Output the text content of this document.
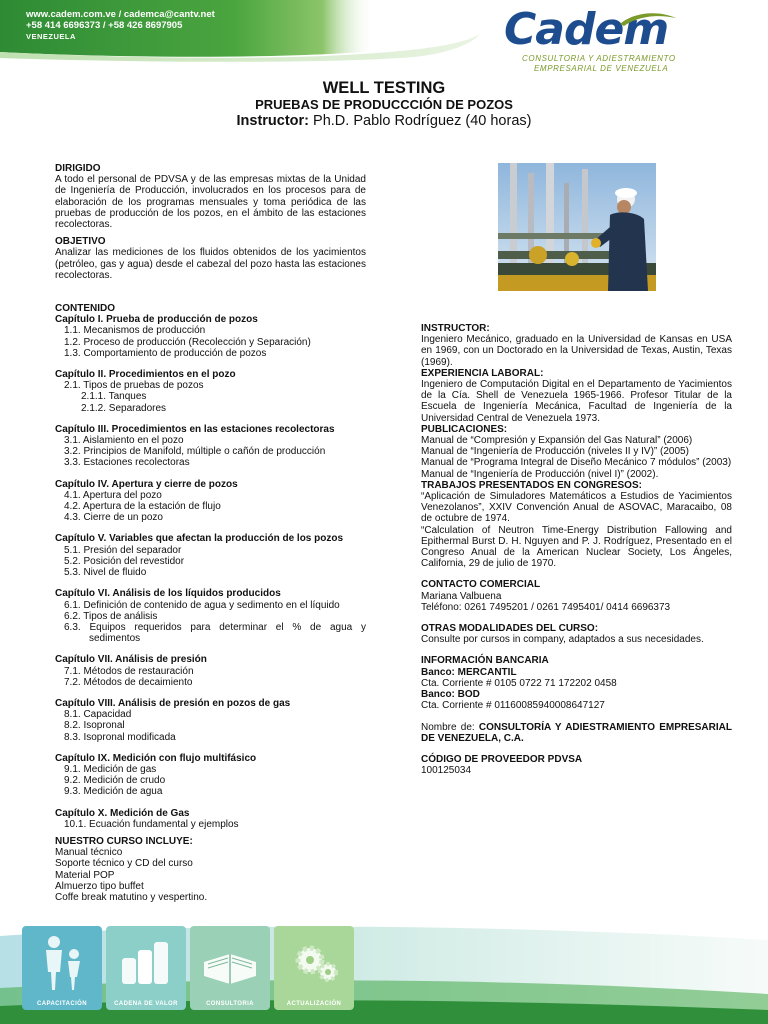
www.cadem.com.ve / cademca@cantv.net
+58 414 6696373 / +58 426 8697905
VENEZUELA	Cadem
CONSULTORIA Y ADIESTRAMIENTO
EMPRESARIAL DE VENEZUELA
WELL TESTING
PRUEBAS DE PRODUCCCIÓN DE POZOS
Instructor: Ph.D. Pablo Rodríguez (40 horas)
DIRIGIDO
A todo el personal de PDVSA y de las empresas mixtas de la Unidad de Ingeniería de Producción, involucrados en los procesos para de elaboración de los programas mensuales y toma periódica de las pruebas de producción de los pozos, en el ámbito de las estaciones recolectoras.
OBJETIVO
Analizar las mediciones de los fluidos obtenidos de los yacimientos (petróleo, gas y agua) desde el cabezal del pozo hasta las estaciones recolectoras.
CONTENIDO
Capítulo I. Prueba de producción de pozos
1.1. Mecanismos de producción
1.2. Proceso de producción (Recolección y Separación)
1.3. Comportamiento de producción de pozos
Capítulo II. Procedimientos en el pozo
2.1. Tipos de pruebas de pozos
2.1.1. Tanques
2.1.2. Separadores
Capítulo III. Procedimientos en las estaciones recolectoras
3.1. Aislamiento en el pozo
3.2. Principios de Manifold, múltiple o cañón de producción
3.3. Estaciones recolectoras
Capítulo IV. Apertura y cierre de pozos
4.1. Apertura del pozo
4.2. Apertura de la estación de flujo
4.3. Cierre de un pozo
Capítulo V. Variables que afectan la producción de los pozos
5.1. Presión del separador
5.2. Posición del revestidor
5.3. Nivel de fluido
Capítulo VI. Análisis de los líquidos producidos
6.1. Definición de contenido de agua y sedimento en el líquido
6.2. Tipos de análisis
6.3. Equipos requeridos para determinar el % de agua y
sedimentos
Capítulo VII. Análisis de presión
7.1. Métodos de restauración
7.2. Métodos de decaimiento
Capítulo VIII. Análisis de presión en pozos de gas
8.1. Capacidad
8.2. Isopronal
8.3. Isopronal modificada
Capítulo IX. Medición con flujo multifásico
9.1. Medición de gas
9.2. Medición de crudo
9.3. Medición de agua
Capítulo X. Medición de Gas
10.1. Ecuación fundamental y ejemplos
NUESTRO CURSO INCLUYE:
Manual técnico
Soporte técnico y CD del curso
Material POP
Almuerzo tipo buffet
Coffe break matutino y vespertino.
INSTRUCTOR:
Ingeniero Mecánico, graduado en la Universidad de Kansas en USA en 1969, con un Doctorado en la Universidad de Texas, Austin, Texas (1969).
EXPERIENCIA LABORAL:
Ingeniero de Computación Digital en el Departamento de Yacimientos de la Cía. Shell de Venezuela 1965-1966. Profesor Titular de la Escuela de Ingeniería Mecánica, Facultad de Ingeniería de la Universidad Central de Venezuela 1973.
PUBLICACIONES:
Manual de “Compresión y Expansión del Gas Natural” (2006)
Manual de “Ingeniería de Producción (niveles II y IV)” (2005)
Manual de “Programa Integral de Diseño Mecánico 7 módulos” (2003)
Manual de “Ingeniería de Producción (nivel I)” (2002).
TRABAJOS PRESENTADOS EN CONGRESOS:
“Aplicación de Simuladores Matemáticos a Estudios de Yacimientos Venezolanos”, XXIV Convención Anual de ASOVAC, Maracaibo, 08 de octubre de 1974.
“Calculation of Neutron Time-Energy Distribution Fallowing and Epithermal Burst D. H. Nguyen and P. J. Rodríguez, Presentado en el Congreso Anual de la American Nuclear Society, Los Ángeles, California, 29 de julio de 1970.
CONTACTO COMERCIAL
Mariana Valbuena
Teléfono: 0261 7495201 / 0261 7495401/ 0414 6696373
OTRAS MODALIDADES DEL CURSO:
Consulte por cursos in company, adaptados a sus necesidades.
INFORMACIÓN BANCARIA
Banco: MERCANTIL
Cta. Corriente # 0105 0722 71 172202 0458
Banco: BOD
Cta. Corriente # 01160085940008647127
Nombre de: CONSULTORÍA Y ADIESTRAMIENTO EMPRESARIAL DE VENEZUELA, C.A.
CÓDIGO DE PROVEEDOR PDVSA
100125034
CAPACITACIÓN	CADENA DE VALOR	CONSULTORIA	ACTUALIZACIÓN
